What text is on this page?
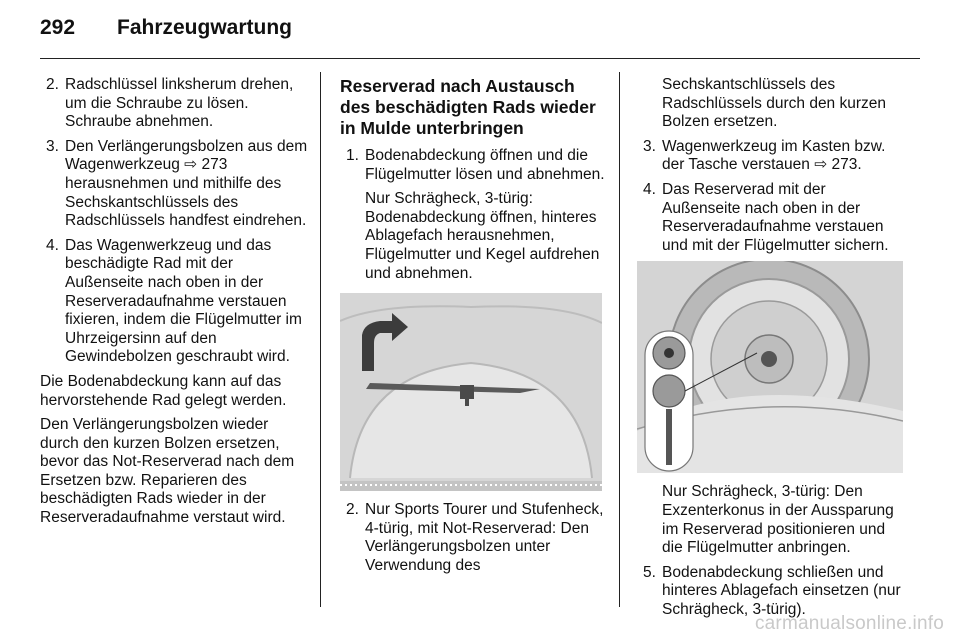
292 Fahrzeugwartung
2. Radschlüssel linksherum drehen, um die Schraube zu lösen. Schraube abnehmen.
3. Den Verlängerungsbolzen aus dem Wagenwerkzeug ⇨ 273 herausnehmen und mithilfe des Sechskantschlüssels des Radschlüssels handfest eindrehen.
4. Das Wagenwerkzeug und das beschädigte Rad mit der Außenseite nach oben in der Reserveradaufnahme verstauen fixieren, indem die Flügelmutter im Uhrzeigersinn auf den Gewindebolzen geschraubt wird.

Die Bodenabdeckung kann auf das hervorstehende Rad gelegt werden.

Den Verlängerungsbolzen wieder durch den kurzen Bolzen ersetzen, bevor das Not-Reserverad nach dem Ersetzen bzw. Reparieren des beschädigten Rads wieder in der Reserveradaufnahme verstaut wird.

Reserverad nach Austausch des beschädigten Rads wieder in Mulde unterbringen
1. Bodenabdeckung öffnen und die Flügelmutter lösen und abnehmen.
Nur Schrägheck, 3-türig: Bodenabdeckung öffnen, hinteres Ablagefach herausnehmen, Flügelmutter und Kegel aufdrehen und abnehmen.
2. Nur Sports Tourer und Stufenheck, 4-türig, mit Not-Reserverad: Den Verlängerungsbolzen unter Verwendung des

Sechskantschlüssels des Radschlüssels durch den kurzen Bolzen ersetzen.

3. Wagenwerkzeug im Kasten bzw. der Tasche verstauen ⇨ 273.
4. Das Reserverad mit der Außenseite nach oben in der Reserveradaufnahme verstauen und mit der Flügelmutter sichern.

Nur Schrägheck, 3-türig: Den Exzenterkonus in der Aussparung im Reserverad positionieren und die Flügelmutter anbringen.

5. Bodenabdeckung schließen und hinteres Ablagefach einsetzen (nur Schrägheck, 3-türig).
carmanualsonline.info
